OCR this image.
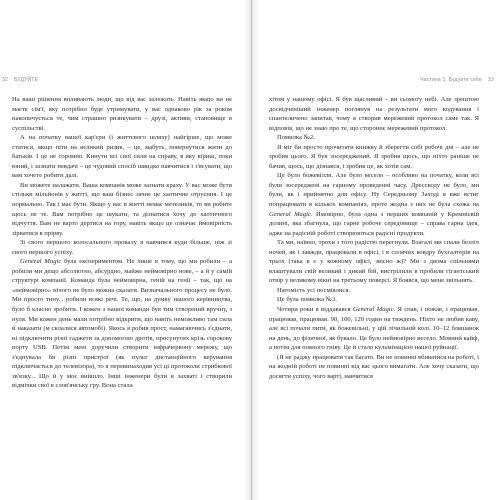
32 БУДУЙТЕ

На ваші рішення впливають люди, що від вас залежать. Навіть якщо ви не маєте сім'ї, яку потрібно буде утримувати, у вас однаково рік за роком накопичується те, чим страшно ризикувати – друзі, активи, становище в суспільстві.

А на початку вашої кар'єри (і життєвого шляху) найгірше, що може статися, якщо піти на великий ризик, – це, мабуть, повернутися жити до батьків. І це не соромно. Кинути всі свої сили на справу, в яку віриш, поки юний, і зазнати невдачі – це чудовий спосіб швидко навчитися і з'ясувати, що вам хочете робити далі.

Ви можете налажати. Ваша компанія може зазнати краху. У вас може бути стільки мільйонів у житті, що ваш бізнес зачне це хаотичне отруєння. І це нормально. Так і має бути. Якщо у вас в житті немає метеликів, то ви робите щось не те. Вам потрібно це шукати, та дізнатися хочу до хаотичного відчуття. Вам не варто дертися на гору, навіть якщо це означає ймовірність зірватися в прірву.

Зі свого першого колосального провалу я навчився куди більше, ніж зі свого першого успіху.

General Magic була експериментом. Не лише в тому, що ми робили – а робили ми дещо абсолютно, абсурдно, майже неймовірно нове, – а й у самій структурі компанії. Команда була неймовірна, геній на генії – так, що на «неймовірно» нічого не було можна сказати. Визначального процесу не було. Ми просто тину... робили всякі речі. Те, що, на думку нашого керівництва, було б класно зробити. І кожен з нашої команди був тим створений вручну, з нуля. Ми кожен день мали потрібно відкрити, що навіть неможливо там сила й наказати (м склалися автомобі). Якось я робив прост, намагаючись з'єднати, ні підключити різні гаджети за допомогою дротів, просунутих крізь сорокову порту USB. Потім мені доручили створити інфрачервону мережу, що з'єднувала би різні пристрої (як пульт дистанційного керування підключається до телевізора), то я перевинаходив усі ці протоколи стрибкової зв'язку... Що й у моє вийшло. Інші інженери були в захваті і створили відмічки свої в слов'янську гру. Вона стала

Частина 1. Будуйте себе 33

хітом у нашому офісі. Я був щасливий – ви сьомогу небі. Але зрештою досвідченіший інженер поглянув на результати мого кодування і спантеличено запитав, чому я створив мережевий протокол саме так. Я відповів, що не знаю про те, що стороннє мережевий протокол.

Помилка №2.

Я міг би просто прочитати книжку й зберегти собі робочі дні – але не зробив цього. Я був зосереджений. Я зробив щось, що ніхто раніше не бачив, щось, що дізнався, і зробив це, як хотів сам.

Це було божевілля. Але було весело – особливо на початку, коли всі були зосереджені на гарному проведенні часу. Дресскоду не було, ми були, як і прийнятно для офісу. Ну Середньому Заході я вже встиг попрацювати в кількох компаніях, проте жодна з них не була схожа на General Magic. Ймовірно, була одна з перших компаній у Кремнієвій долині, яка збагнула, що гарне робоче середовище – справа гарна ідея, адже на радісній роботі створюються радісні продукти.

Та ми, наївно, трохи з того радістю перегнули. Взагалі ми спали безліч ночей, як і завжди, працювали в офісі, і в сплячих ковдру бухгалтерів на трьох (така в є у кожному офісі, звісно ж)? Ми з двома спільнями влаштували свій великий і дикий бій, вистрілили в пробили гігантський отвір у великому вікні на третьому поверсі. Я боявся, що мене звільнять.

Натомість усі посміялися.

Це була помилка №3.

Чотири роки я віддавався General Magic. Я спав, і пожав, і працював, працював, працював. 90, 100, 120 годин на тиждень. Ніхто не любив каву, але всі почали пити, як божевільні, у цій лічильній колі. 10–12 бляшанок на день, до фізичної, як бувало. Це було неймовірно весело. Мовний кайф, а потім для повного гніву. Це й стало кульмінацією нашої руйнації.

(Я не раджу працювати так багато. Ви не повинні вбиватися на роботі, і на жодній роботі не повинні від вас цього вимагати. Але хочу сказати, що досягти успіху, чого варті, навчитися
